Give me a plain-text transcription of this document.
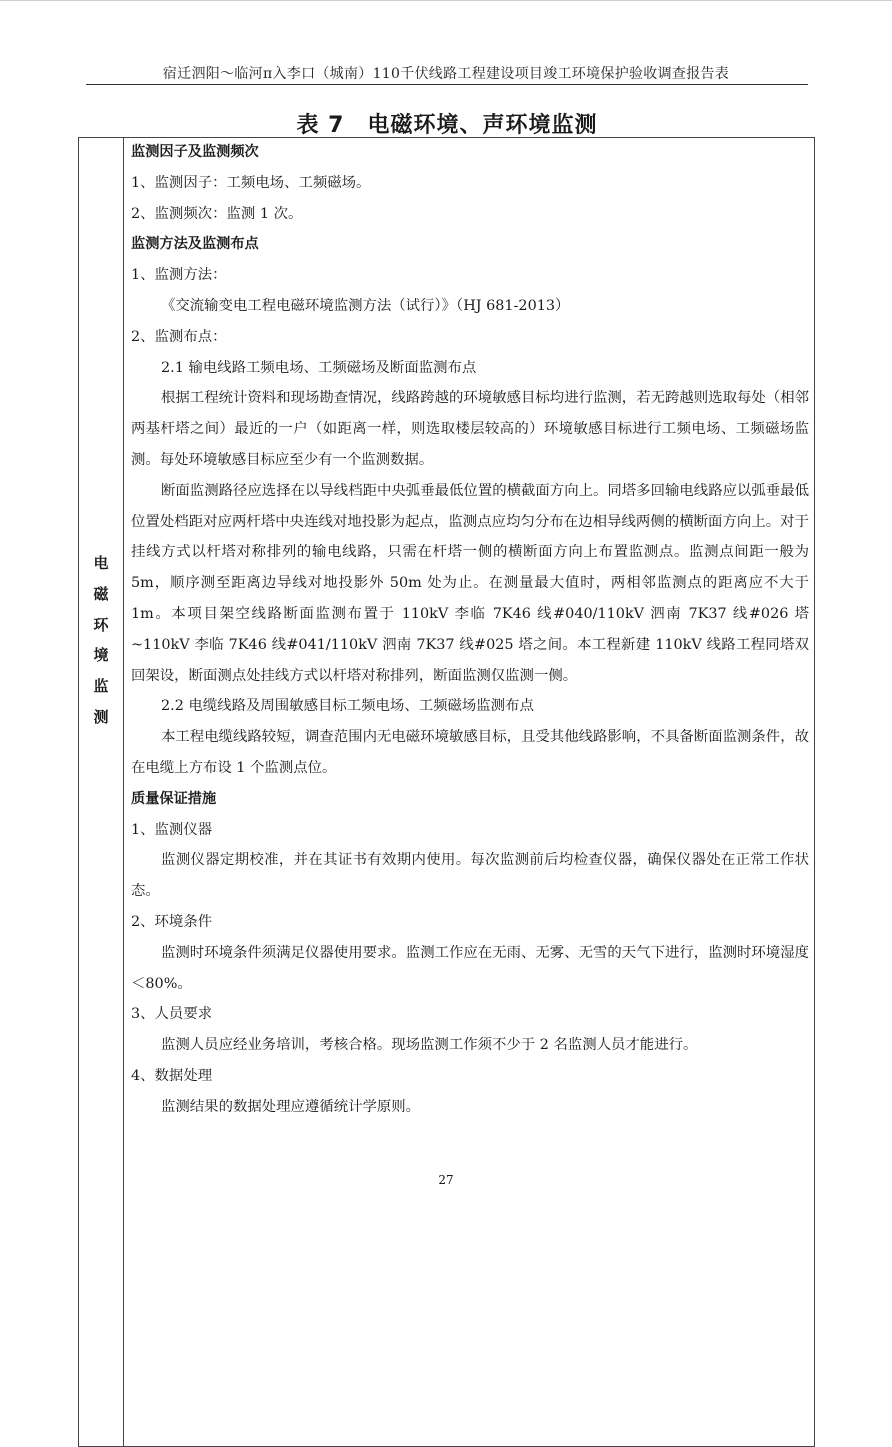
宿迁泗阳～临河π入李口（城南）110千伏线路工程建设项目竣工环境保护验收调查报告表
表 7　电磁环境、声环境监测
电
磁
环
境
监
测

监测因子及监测频次

1、监测因子：工频电场、工频磁场。

2、监测频次：监测 1 次。

监测方法及监测布点

1、监测方法：

《交流输变电工程电磁环境监测方法（试行）》（HJ 681-2013）

2、监测布点：

2.1 输电线路工频电场、工频磁场及断面监测布点

根据工程统计资料和现场勘查情况，线路跨越的环境敏感目标均进行监测，若无跨越则选取每处（相邻两基杆塔之间）最近的一户（如距离一样，则选取楼层较高的）环境敏感目标进行工频电场、工频磁场监测。每处环境敏感目标应至少有一个监测数据。

断面监测路径应选择在以导线档距中央弧垂最低位置的横截面方向上。同塔多回输电线路应以弧垂最低位置处档距对应两杆塔中央连线对地投影为起点，监测点应均匀分布在边相导线两侧的横断面方向上。对于挂线方式以杆塔对称排列的输电线路，只需在杆塔一侧的横断面方向上布置监测点。监测点间距一般为 5m，顺序测至距离边导线对地投影外 50m 处为止。在测量最大值时，两相邻监测点的距离应不大于 1m。本项目架空线路断面监测布置于 110kV 李临 7K46 线#040/110kV 泗南 7K37 线#026 塔~110kV 李临 7K46 线#041/110kV 泗南 7K37 线#025 塔之间。本工程新建 110kV 线路工程同塔双回架设，断面测点处挂线方式以杆塔对称排列，断面监测仅监测一侧。

2.2 电缆线路及周围敏感目标工频电场、工频磁场监测布点

本工程电缆线路较短，调查范围内无电磁环境敏感目标，且受其他线路影响，不具备断面监测条件，故在电缆上方布设 1 个监测点位。

质量保证措施

1、监测仪器

监测仪器定期校准，并在其证书有效期内使用。每次监测前后均检查仪器，确保仪器处在正常工作状态。

2、环境条件

监测时环境条件须满足仪器使用要求。监测工作应在无雨、无雾、无雪的天气下进行，监测时环境湿度＜80%。

3、人员要求

监测人员应经业务培训，考核合格。现场监测工作须不少于 2 名监测人员才能进行。

4、数据处理

监测结果的数据处理应遵循统计学原则。

27
